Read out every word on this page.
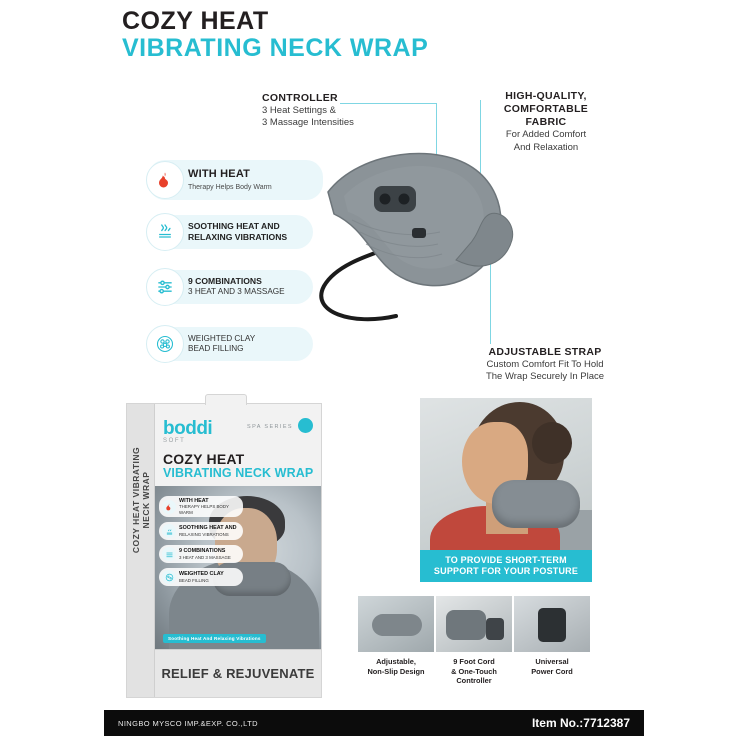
COZY HEAT
VIBRATING NECK WRAP
CONTROLLER
3 Heat Settings &
3 Massage Intensities
HIGH-QUALITY,
COMFORTABLE
FABRIC
For Added Comfort
And Relaxation
ADJUSTABLE STRAP
Custom Comfort Fit To Hold
The Wrap Securely In Place
WITH HEAT
Therapy Helps Body Warm
SOOTHING HEAT AND
RELAXING VIBRATIONS
9 COMBINATIONS
3 HEAT AND 3 MASSAGE
WEIGHTED CLAY
BEAD FILLING
COZY HEAT VIBRATING NECK WRAP
boddi
SOFT
SPA SERIES
COZY HEAT
VIBRATING NECK WRAP
WITH HEAT
THERAPY HELPS BODY WARM
SOOTHING HEAT AND
RELAXING VIBRATIONS
9 COMBINATIONS
3 HEAT AND 3 MASSAGE
WEIGHTED CLAY
BEAD FILLING
Soothing Heat And Relaxing Vibrations
RELIEF & REJUVENATE
TO PROVIDE SHORT-TERM
SUPPORT FOR YOUR POSTURE
Adjustable,
Non-Slip Design
9 Foot Cord
& One-Touch
Controller
Universal
Power Cord
NINGBO MYSCO IMP.&EXP. CO.,LTD	Item No.:7712387
